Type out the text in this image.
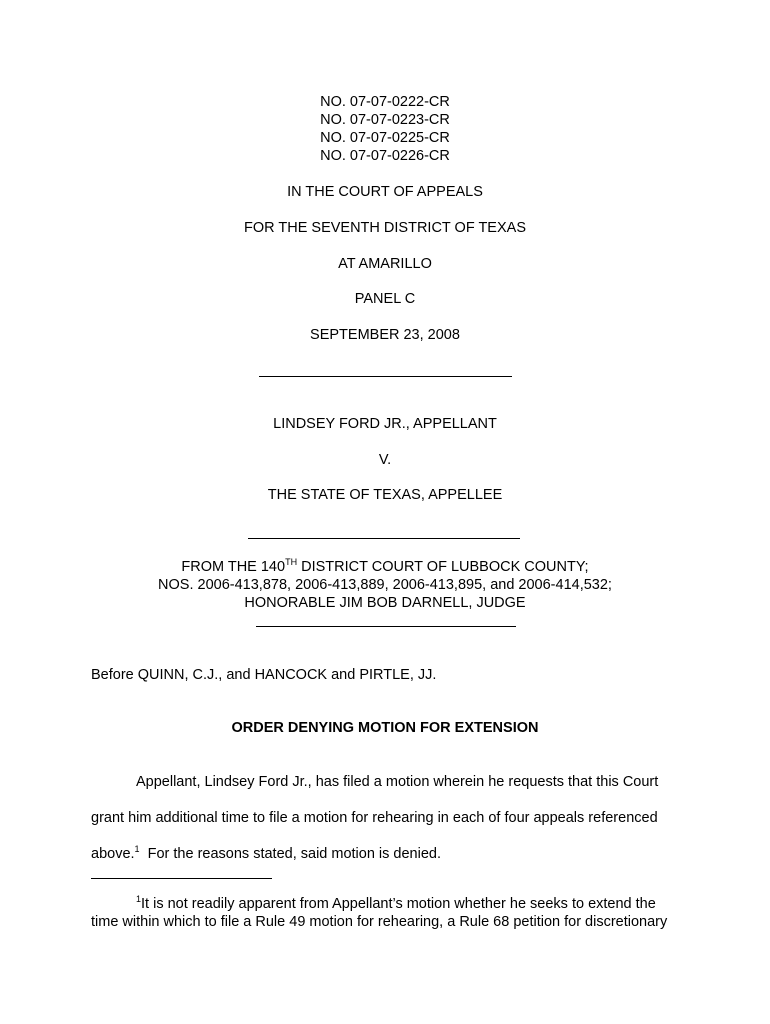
NO. 07-07-0222-CR
NO. 07-07-0223-CR
NO. 07-07-0225-CR
NO. 07-07-0226-CR
IN THE COURT OF APPEALS
FOR THE SEVENTH DISTRICT OF TEXAS
AT AMARILLO
PANEL C
SEPTEMBER 23, 2008
LINDSEY FORD JR., APPELLANT
V.
THE STATE OF TEXAS, APPELLEE
FROM THE 140TH DISTRICT COURT OF LUBBOCK COUNTY;
NOS. 2006-413,878, 2006-413,889, 2006-413,895, and 2006-414,532;
HONORABLE JIM BOB DARNELL, JUDGE
Before QUINN, C.J., and HANCOCK and PIRTLE, JJ.
ORDER DENYING MOTION FOR EXTENSION
Appellant, Lindsey Ford Jr., has filed a motion wherein he requests that this Court
grant him additional time to file a motion for rehearing in each of four appeals referenced
above.$^1$  For the reasons stated, said motion is denied.
$^1$It is not readily apparent from Appellant’s motion whether he seeks to extend the
time within which to file a Rule 49 motion for rehearing, a Rule 68 petition for discretionary
